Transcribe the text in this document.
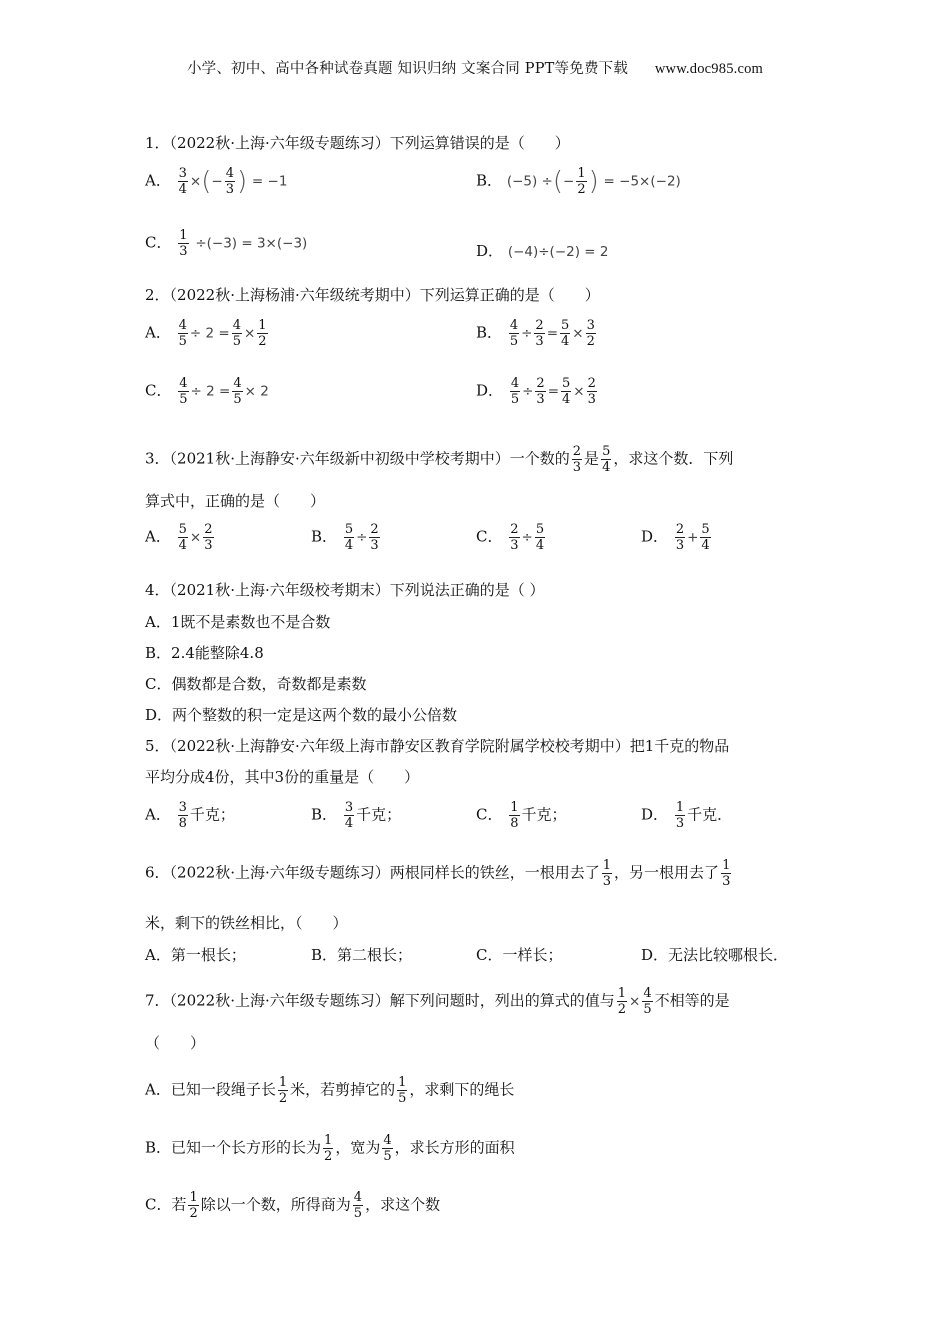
小学、初中、高中各种试卷真题 知识归纳 文案合同 PPT等免费下载 www.doc985.com
1．（2022秋·上海·六年级专题练习）下列运算错误的是（　　）
A． $\frac{3}{4}$ ×(− $\frac{4}{3}$ ) = −1	B． (−5) ÷(− $\frac{1}{2}$ ) = −5×(−2)
C． $\frac{1}{3} \div(-3) = 3\times(-3)$	D． (−4)÷(−2) = 2
2．（2022秋·上海杨浦·六年级统考期中）下列运算正确的是（　　）
A． $\frac{4}{5} \div 2 = \frac{4}{5} \times \frac{1}{2}$	B． $\frac{4}{5} \div \frac{2}{3} = \frac{5}{4} \times \frac{3}{2}$
C． $\frac{4}{5} \div 2 = \frac{4}{5} \times 2$	D． $\frac{4}{5} \div \frac{2}{3} = \frac{5}{4} \times \frac{2}{3}$
3．（2021秋·上海静安·六年级新中初级中学校考期中）一个数的 $\frac{2}{3}$ 是 $\frac{5}{4}$ ，求这个数．下列
算式中，正确的是（　　）
A． $\frac{5}{4} \times \frac{2}{3}$	B． $\frac{5}{4} \div \frac{2}{3}$	C． $\frac{2}{3} \div \frac{5}{4}$	D． $\frac{2}{3} + \frac{5}{4}$
4．（2021秋·上海·六年级校考期末）下列说法正确的是（ ）
A．1既不是素数也不是合数
B．2.4能整除4.8
C．偶数都是合数，奇数都是素数
D．两个整数的积一定是这两个数的最小公倍数
5．（2022秋·上海静安·六年级上海市静安区教育学院附属学校校考期中）把1千克的物品
平均分成4份，其中3份的重量是（　　）
A． $\frac{3}{8}$ 千克；	B． $\frac{3}{4}$ 千克；	C． $\frac{1}{8}$ 千克；	D． $\frac{1}{3}$ 千克．
6．（2022秋·上海·六年级专题练习）两根同样长的铁丝，一根用去了 $\frac{1}{3}$ ，另一根用去了 $\frac{1}{3}$
米，剩下的铁丝相比，（　　）
A．第一根长；	B．第二根长；	C．一样长；	D．无法比较哪根长．
7．（2022秋·上海·六年级专题练习）解下列问题时，列出的算式的值与 $\frac{1}{2} \times \frac{4}{5}$ 不相等的是
（　　）
A．已知一段绳子长 $\frac{1}{2}$ 米，若剪掉它的 $\frac{1}{5}$ ，求剩下的绳长
B．已知一个长方形的长为 $\frac{1}{2}$ ，宽为 $\frac{4}{5}$ ，求长方形的面积
C．若 $\frac{1}{2}$ 除以一个数，所得商为 $\frac{4}{5}$ ，求这个数
